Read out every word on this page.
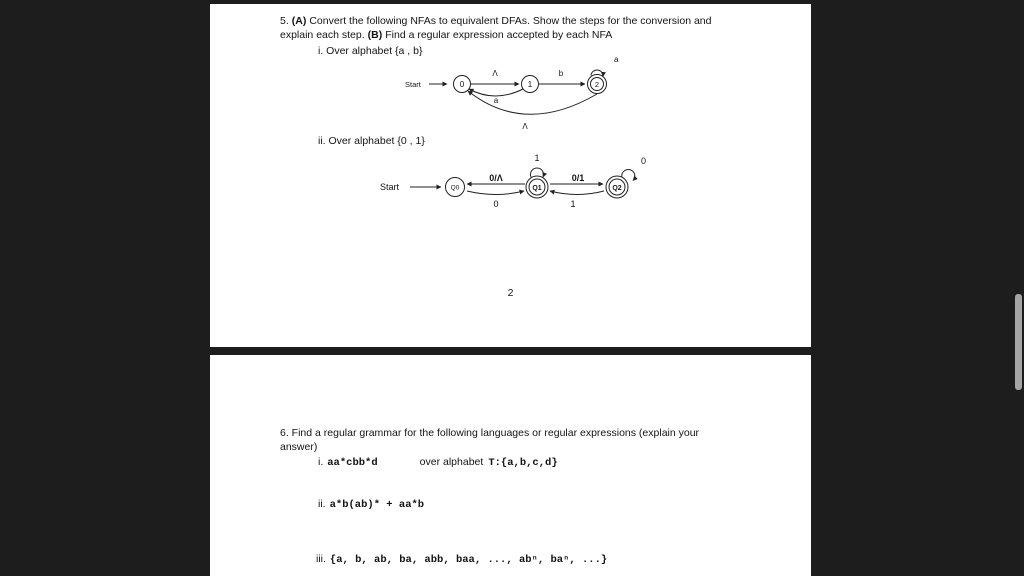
5. (A) Convert the following NFAs to equivalent DFAs. Show the steps for the conversion and
explain each step. (B) Find a regular expression accepted by each NFA
i. Over alphabet {a , b}
Start	0	1	2
Λ
a
b
a
Λ
ii. Over alphabet {0 , 1}
Start	Q0	Q1	Q2
0/Λ
0
1
0/1
1
0
2
6. Find a regular grammar for the following languages or regular expressions (explain your
answer)
i. aa*cbb*d	over alphabet T:{a,b,c,d}
ii. a*b(ab)* + aa*b
iii. {a, b, ab, ba, abb, baa, ..., abⁿ, baⁿ, ...}
